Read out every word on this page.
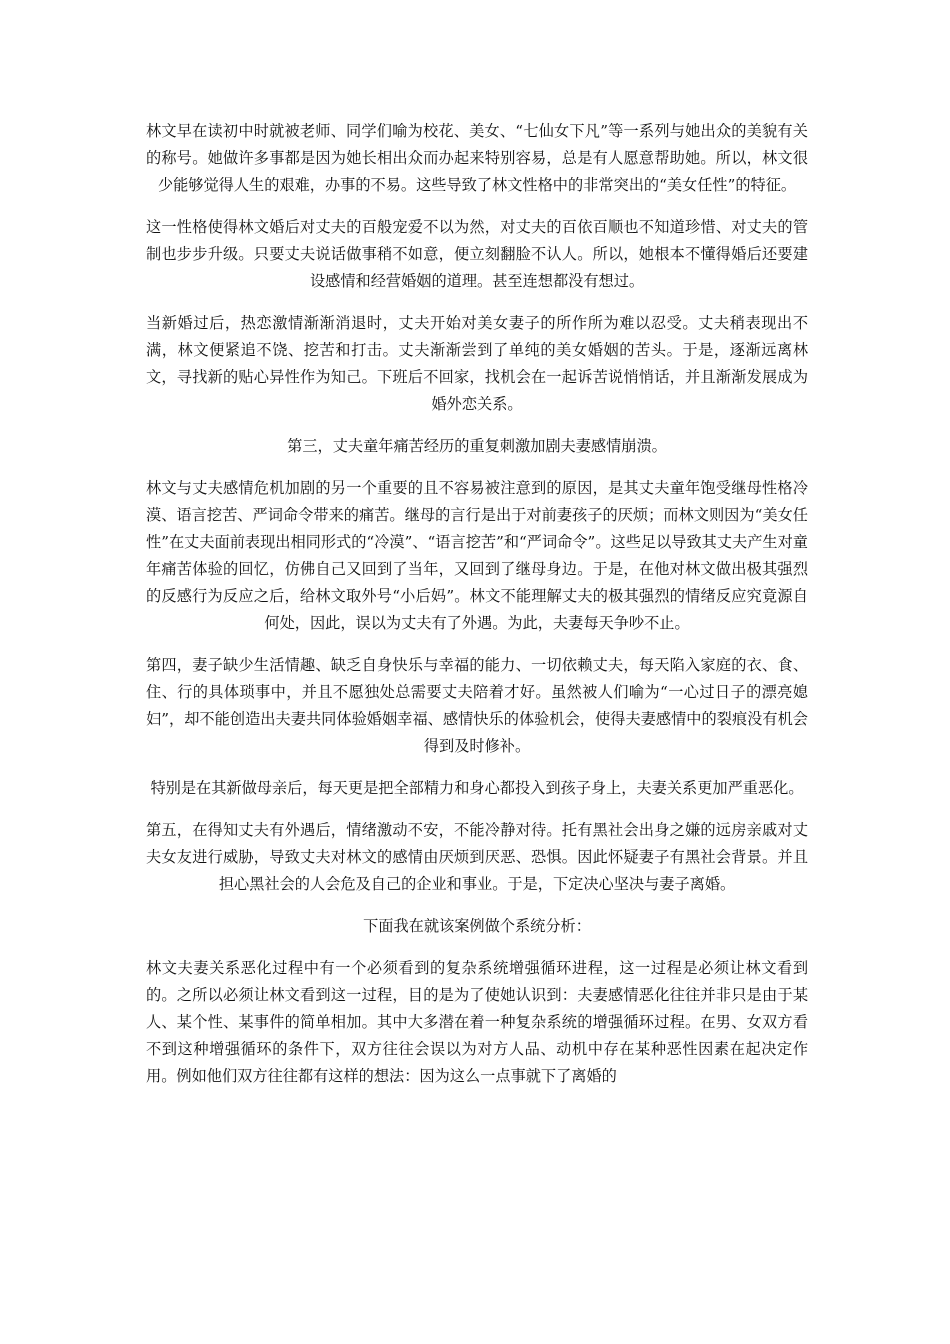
林文早在读初中时就被老师、同学们喻为校花、美女、“七仙女下凡”等一系列与她出众的美貌有关的称号。她做许多事都是因为她长相出众而办起来特别容易，总是有人愿意帮助她。所以，林文很少能够觉得人生的艰难，办事的不易。这些导致了林文性格中的非常突出的“美女任性”的特征。

这一性格使得林文婚后对丈夫的百般宠爱不以为然，对丈夫的百依百顺也不知道珍惜、对丈夫的管制也步步升级。只要丈夫说话做事稍不如意，便立刻翻脸不认人。所以，她根本不懂得婚后还要建设感情和经营婚姻的道理。甚至连想都没有想过。

当新婚过后，热恋激情渐渐消退时，丈夫开始对美女妻子的所作所为难以忍受。丈夫稍表现出不满，林文便紧追不饶、挖苦和打击。丈夫渐渐尝到了单纯的美女婚姻的苦头。于是，逐渐远离林文，寻找新的贴心异性作为知己。下班后不回家，找机会在一起诉苦说悄悄话，并且渐渐发展成为婚外恋关系。

第三，丈夫童年痛苦经历的重复刺激加剧夫妻感情崩溃。

林文与丈夫感情危机加剧的另一个重要的且不容易被注意到的原因，是其丈夫童年饱受继母性格冷漠、语言挖苦、严词命令带来的痛苦。继母的言行是出于对前妻孩子的厌烦；而林文则因为“美女任性”在丈夫面前表现出相同形式的“冷漠”、“语言挖苦”和“严词命令”。这些足以导致其丈夫产生对童年痛苦体验的回忆，仿佛自己又回到了当年，又回到了继母身边。于是，在他对林文做出极其强烈的反感行为反应之后，给林文取外号“小后妈”。林文不能理解丈夫的极其强烈的情绪反应究竟源自何处，因此，误以为丈夫有了外遇。为此，夫妻每天争吵不止。

第四，妻子缺少生活情趣、缺乏自身快乐与幸福的能力、一切依赖丈夫，每天陷入家庭的衣、食、住、行的具体琐事中，并且不愿独处总需要丈夫陪着才好。虽然被人们喻为“一心过日子的漂亮媳妇”，却不能创造出夫妻共同体验婚姻幸福、感情快乐的体验机会，使得夫妻感情中的裂痕没有机会得到及时修补。

特别是在其新做母亲后，每天更是把全部精力和身心都投入到孩子身上，夫妻关系更加严重恶化。

第五，在得知丈夫有外遇后，情绪激动不安，不能冷静对待。托有黑社会出身之嫌的远房亲戚对丈夫女友进行威胁，导致丈夫对林文的感情由厌烦到厌恶、恐惧。因此怀疑妻子有黑社会背景。并且担心黑社会的人会危及自己的企业和事业。于是，下定决心坚决与妻子离婚。

下面我在就该案例做个系统分析：

林文夫妻关系恶化过程中有一个必须看到的复杂系统增强循环进程，这一过程是必须让林文看到的。之所以必须让林文看到这一过程，目的是为了使她认识到：夫妻感情恶化往往并非只是由于某人、某个性、某事件的简单相加。其中大多潜在着一种复杂系统的增强循环过程。在男、女双方看不到这种增强循环的条件下，双方往往会误以为对方人品、动机中存在某种恶性因素在起决定作用。例如他们双方往往都有这样的想法：因为这么一点事就下了离婚的
